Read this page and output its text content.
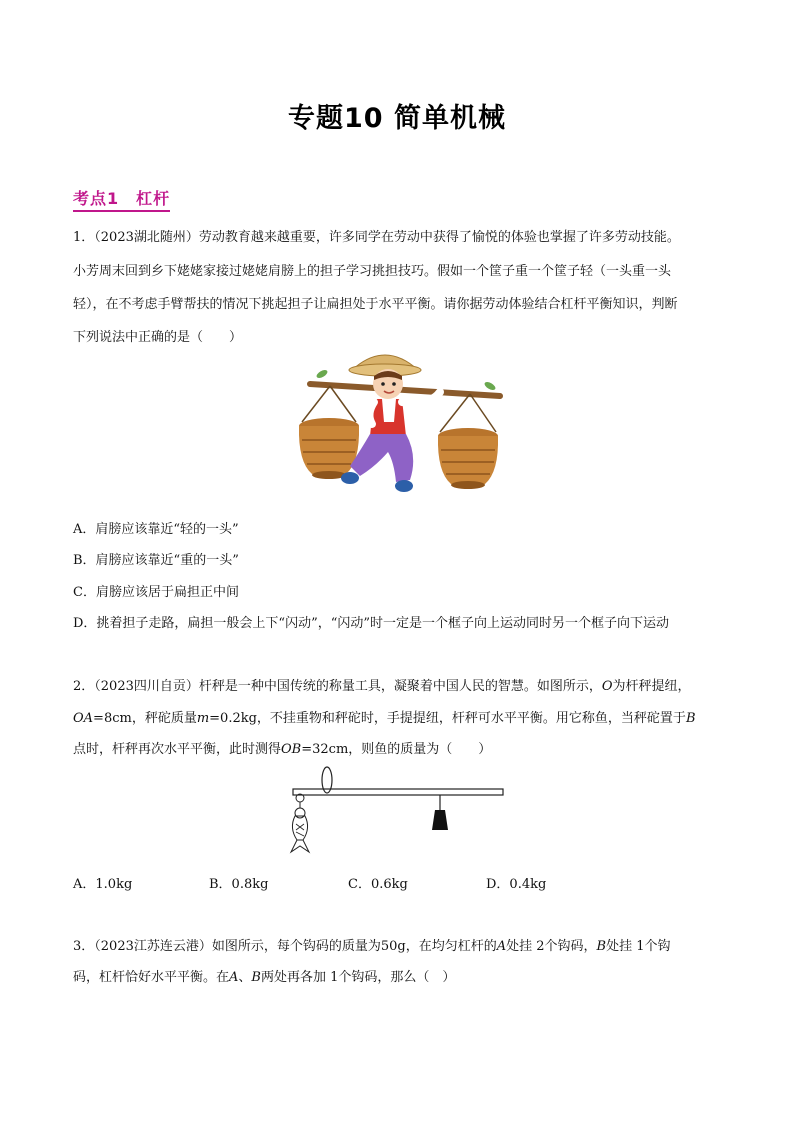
专题10 简单机械
考点1　杠杆
1．（2023湖北随州）劳动教育越来越重要，许多同学在劳动中获得了愉悦的体验也掌握了许多劳动技能。
小芳周末回到乡下姥姥家接过姥姥肩膀上的担子学习挑担技巧。假如一个筐子重一个筐子轻（一头重一头
轻），在不考虑手臂帮扶的情况下挑起担子让扁担处于水平平衡。请你据劳动体验结合杠杆平衡知识，判断
下列说法中正确的是（　　）
A．肩膀应该靠近“轻的一头”
B．肩膀应该靠近“重的一头”
C．肩膀应该居于扁担正中间
D．挑着担子走路，扁担一般会上下“闪动”，“闪动”时一定是一个框子向上运动同时另一个框子向下运动
2．（2023四川自贡）杆秤是一种中国传统的称量工具，凝聚着中国人民的智慧。如图所示，O为杆秤提纽，
OA=8cm，秤砣质量m=0.2kg，不挂重物和秤砣时，手提提纽，杆秤可水平平衡。用它称鱼，当秤砣置于B
点时，杆秤再次水平平衡，此时测得OB=32cm，则鱼的质量为（　　）
A．1.0kg	B．0.8kg	C．0.6kg	D．0.4kg
3．（2023江苏连云港）如图所示，每个钩码的质量为50g，在均匀杠杆的A处挂 2个钩码，B处挂 1个钩
码，杠杆恰好水平平衡。在A、B两处再各加 1个钩码，那么（　）
